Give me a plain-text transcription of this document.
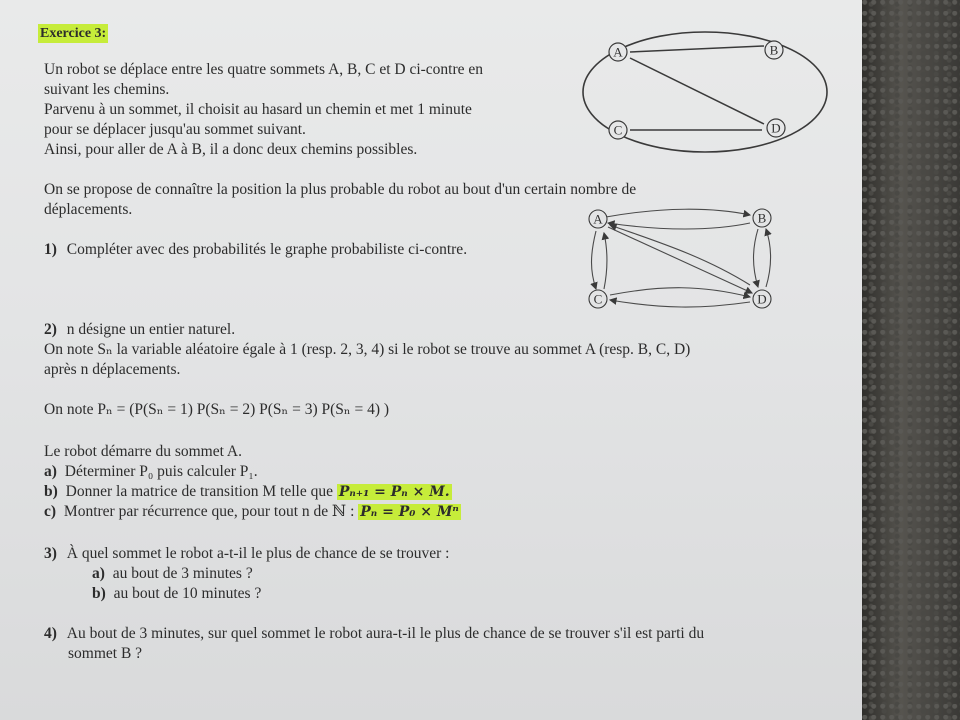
Exercice 3:
Un robot se déplace entre les quatre sommets A, B, C et D ci-contre en
suivant les chemins.
Parvenu à un sommet, il choisit au hasard un chemin et met 1 minute
pour se déplacer jusqu'au sommet suivant.
Ainsi, pour aller de A à B, il a donc deux chemins possibles.
On se propose de connaître la position la plus probable du robot au bout d'un certain nombre de
déplacements.
1) Compléter avec des probabilités le graphe probabiliste ci-contre.
2) n désigne un entier naturel.
On note Sₙ la variable aléatoire égale à 1 (resp. 2, 3, 4) si le robot se trouve au sommet A (resp. B, C, D)
après n déplacements.
On note Pₙ = (P(Sₙ = 1) P(Sₙ = 2) P(Sₙ = 3) P(Sₙ = 4) )
Le robot démarre du sommet A.
a) Déterminer P₀ puis calculer P₁.
b) Donner la matrice de transition M telle que Pₙ₊₁ = Pₙ × M.
c) Montrer par récurrence que, pour tout n de ℕ : Pₙ = P₀ × Mⁿ
3) À quel sommet le robot a-t-il le plus de chance de se trouver :
a) au bout de 3 minutes ?
b) au bout de 10 minutes ?
4) Au bout de 3 minutes, sur quel sommet le robot aura-t-il le plus de chance de se trouver s'il est parti du
sommet B ?
A	B
C	D
A	B
C	D
